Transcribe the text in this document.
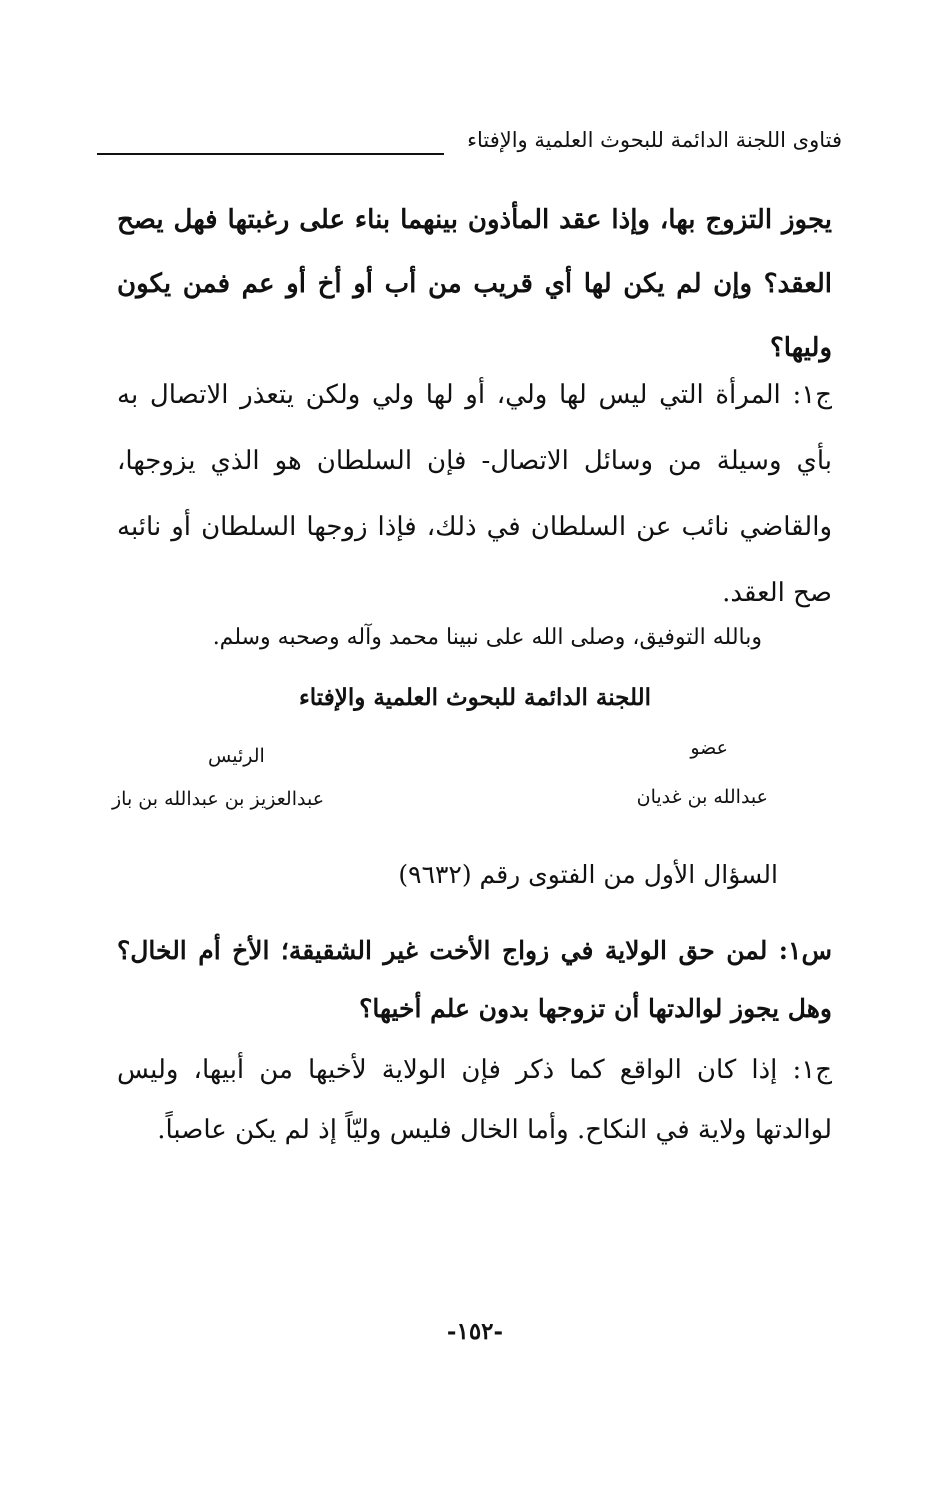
فتاوى اللجنة الدائمة للبحوث العلمية والإفتاء

يجوز التزوج بها، وإذا عقد المأذون بينهما بناء على رغبتها فهل يصح العقد؟ وإن لم يكن لها أي قريب من أب أو أخ أو عم فمن يكون وليها؟

ج١: المرأة التي ليس لها ولي، أو لها ولي ولكن يتعذر الاتصال به بأي وسيلة من وسائل الاتصال- فإن السلطان هو الذي يزوجها، والقاضي نائب عن السلطان في ذلك، فإذا زوجها السلطان أو نائبه صح العقد.

وبالله التوفيق، وصلى الله على نبينا محمد وآله وصحبه وسلم.
اللجنة الدائمة للبحوث العلمية والإفتاء
عضو
عبدالله بن غديان
الرئيس
عبدالعزيز بن عبدالله بن باز
السؤال الأول من الفتوى رقم (٩٦٣٢)

س١: لمن حق الولاية في زواج الأخت غير الشقيقة؛ الأخ أم الخال؟ وهل يجوز لوالدتها أن تزوجها بدون علم أخيها؟

ج١: إذا كان الواقع كما ذكر فإن الولاية لأخيها من أبيها، وليس لوالدتها ولاية في النكاح. وأما الخال فليس وليّاً إذ لم يكن عاصباً.

-١٥٢-
